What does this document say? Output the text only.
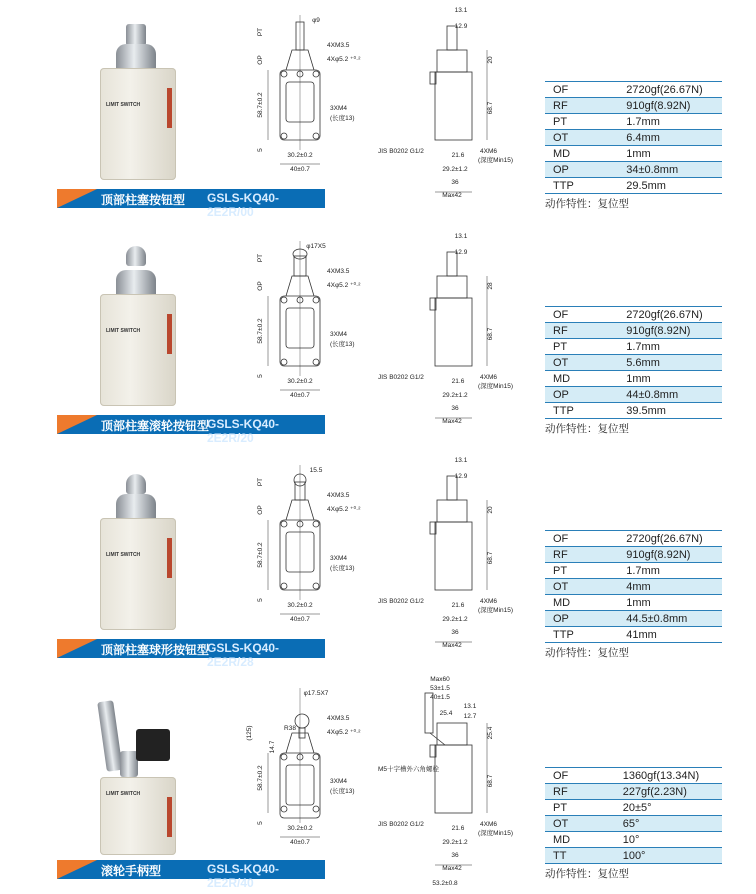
LIMIT SWITCH
顶部柱塞按钮型 GSLS-KQ40-2E2R/00
φ9
4XM3.5
4Xφ5.2 ⁺⁰·²
58.7±0.2
PT
OP
5
3XM4
(长度13)
30.2±0.2
40±0.7
13.1
12.9
20
68.7
JIS B0202 G1/2
21.6
4XM6
(深度Min15)
29.2±1.2
36
Max42
OF	2720gf(26.67N)
RF	910gf(8.92N)
PT	1.7mm
OT	6.4mm
MD	1mm
OP	34±0.8mm
TTP	29.5mm
动作特性：复位型
LIMIT SWITCH
顶部柱塞滚轮按钮型
GSLS-KQ40-2E2R/20
φ17X5
4XM3.5
4Xφ5.2 ⁺⁰·²
58.7±0.2
PT
OP
5
3XM4
(长度13)
30.2±0.2
40±0.7
13.1
12.9
28
68.7
JIS B0202 G1/2
21.6
4XM6
(深度Min15)
29.2±1.2
36
Max42
OF	2720gf(26.67N)
RF	910gf(8.92N)
PT	1.7mm
OT	5.6mm
MD	1mm
OP	44±0.8mm
TTP	39.5mm
动作特性：复位型
LIMIT SWITCH
顶部柱塞球形按钮型
GSLS-KQ40-2E2R/28
15.5
4XM3.5
4Xφ5.2 ⁺⁰·²
58.7±0.2
PT
OP
5
3XM4
(长度13)
30.2±0.2
40±0.7
13.1
12.9
20
68.7
JIS B0202 G1/2
21.6
4XM6
(深度Min15)
29.2±1.2
36
Max42
OF	2720gf(26.67N)
RF	910gf(8.92N)
PT	1.7mm
OT	4mm
MD	1mm
OP	44.5±0.8mm
TTP	41mm
动作特性：复位型
LIMIT SWITCH
滚轮手柄型	GSLS-KQ40-2E2R/40
φ17.5X7
4XM3.5
4Xφ5.2 ⁺⁰·²
58.7±0.2
(125)
14.7
5
3XM4
(长度13)
30.2±0.2
40±0.7
13.1
12.7
25.4
68.7
JIS B0202 G1/2
21.6
4XM6
(深度Min15)
29.2±1.2
36
Max42
Max60
53±1.5
40±1.5
25.4
M5十字槽外六角螺栓
53.2±0.8
R38
OF	1360gf(13.34N)
RF	227gf(2.23N)
PT	20±5°
OT	65°
MD	10°
TT	100°
动作特性：复位型
